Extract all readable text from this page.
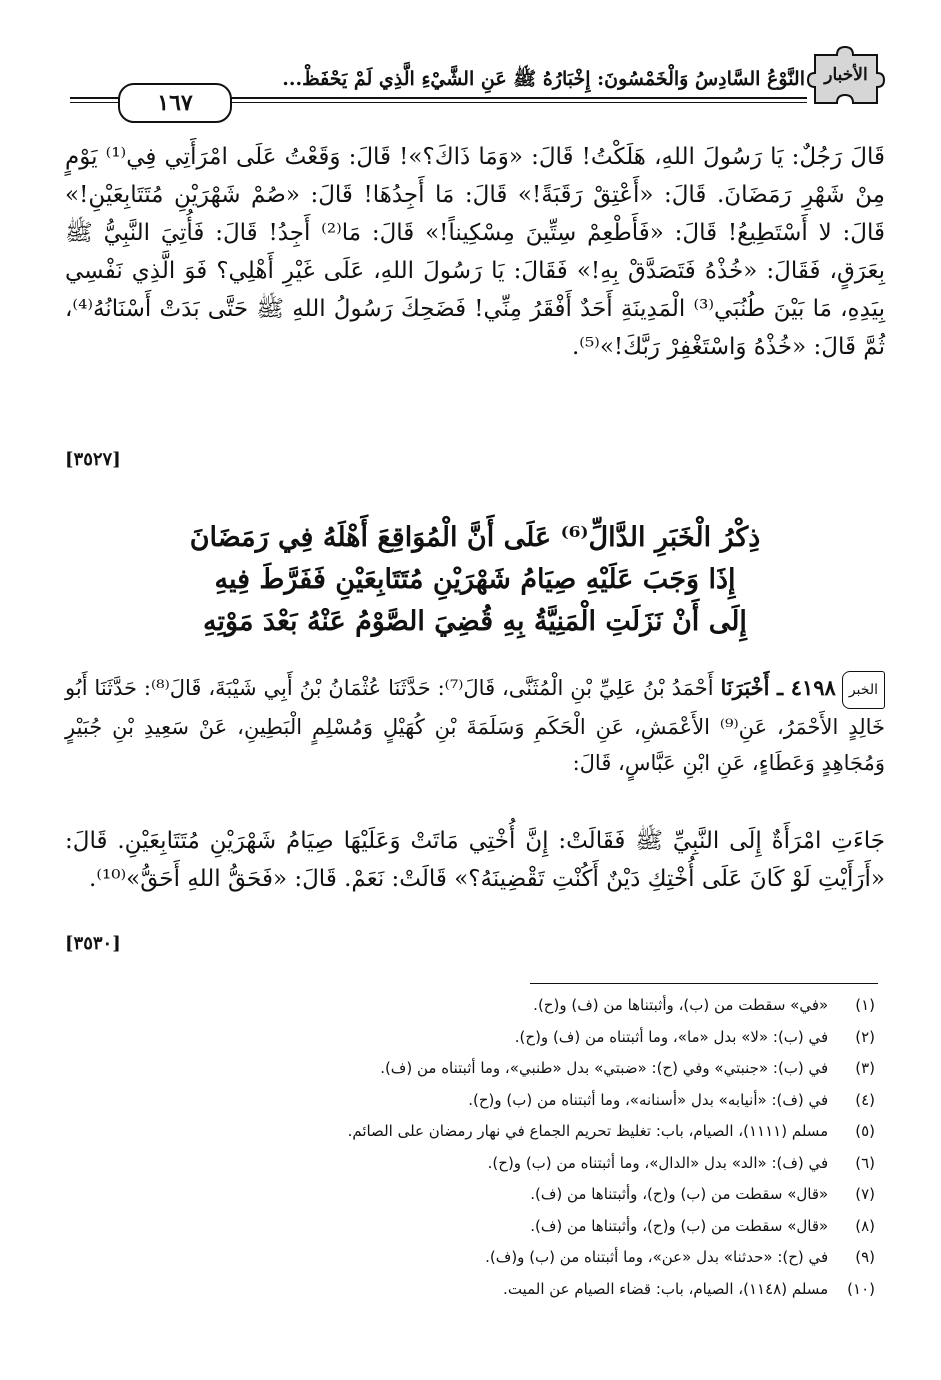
الأخبار
النَّوْعُ السَّادِسُ وَالْخَمْسُونَ: إِخْبَارُهُ ﷺ عَنِ الشَّيْءِ الَّذِي لَمْ يَحْفَظْ...
١٦٧
قَالَ رَجُلٌ: يَا رَسُولَ اللهِ، هَلَكْتُ! قَالَ: «وَمَا ذَاكَ؟»! قَالَ: وَقَعْتُ عَلَى امْرَأَتِي فِي⁽¹⁾ يَوْمٍ مِنْ شَهْرِ رَمَضَانَ. قَالَ: «أَعْتِقْ رَقَبَةً!» قَالَ: مَا أَجِدُهَا! قَالَ: «صُمْ شَهْرَيْنِ مُتَتَابِعَيْنِ!» قَالَ: لا أَسْتَطِيعُ! قَالَ: «فَأَطْعِمْ سِتِّينَ مِسْكِيناً!» قَالَ: مَا⁽²⁾ أَجِدُ! قَالَ: فَأُتِيَ النَّبِيُّ ﷺ بِعَرَقٍ، فَقَالَ: «خُذْهُ فَتَصَدَّقْ بِهِ!» فَقَالَ: يَا رَسُولَ اللهِ، عَلَى غَيْرِ أَهْلِي؟ فَوَ الَّذِي نَفْسِي بِيَدِهِ، مَا بَيْنَ طُنُبَي⁽³⁾ الْمَدِينَةِ أَحَدٌ أَفْقَرُ مِنِّي! فَضَحِكَ رَسُولُ اللهِ ﷺ حَتَّى بَدَتْ أَسْنَانُهُ⁽⁴⁾، ثُمَّ قَالَ: «خُذْهُ وَاسْتَغْفِرْ رَبَّكَ!»⁽⁵⁾.
[٣٥٢٧]
ذِكْرُ الْخَبَرِ الدَّالِّ⁽⁶⁾ عَلَى أَنَّ الْمُوَاقِعَ أَهْلَهُ فِي رَمَضَانَ
إِذَا وَجَبَ عَلَيْهِ صِيَامُ شَهْرَيْنِ مُتَتَابِعَيْنِ فَفَرَّطَ فِيهِ
إِلَى أَنْ نَزَلَتِ الْمَنِيَّةُ بِهِ قُضِيَ الصَّوْمُ عَنْهُ بَعْدَ مَوْتِهِ
الخبر٤١٩٨ ـ أَخْبَرَنَا أَحْمَدُ بْنُ عَلِيِّ بْنِ الْمُثَنَّى، قَالَ⁽⁷⁾: حَدَّثَنَا عُثْمَانُ بْنُ أَبِي شَيْبَةَ، قَالَ⁽⁸⁾: حَدَّثَنَا أَبُو خَالِدٍ الأَحْمَرُ، عَنِ⁽⁹⁾ الأَعْمَشِ، عَنِ الْحَكَمِ وَسَلَمَةَ بْنِ كُهَيْلٍ وَمُسْلِمٍ الْبَطِينِ، عَنْ سَعِيدِ بْنِ جُبَيْرٍ وَمُجَاهِدٍ وَعَطَاءٍ، عَنِ ابْنِ عَبَّاسٍ، قَالَ:
جَاءَتِ امْرَأَةٌ إِلَى النَّبِيِّ ﷺ فَقَالَتْ: إِنَّ أُخْتِي مَاتَتْ وَعَلَيْهَا صِيَامُ شَهْرَيْنِ مُتَتَابِعَيْنِ. قَالَ: «أَرَأَيْتِ لَوْ كَانَ عَلَى أُخْتِكِ دَيْنٌ أَكُنْتِ تَقْضِينَهُ؟» قَالَتْ: نَعَمْ. قَالَ: «فَحَقُّ اللهِ أَحَقُّ»⁽¹⁰⁾.
[٣٥٣٠]
(١) «في» سقطت من (ب)، وأثبتناها من (ف) و(ح).
(٢) في (ب): «لا» بدل «ما»، وما أثبتناه من (ف) و(ح).
(٣) في (ب): «جنبتي» وفي (ح): «ضبتي» بدل «طنبي»، وما أثبتناه من (ف).
(٤) في (ف): «أنيابه» بدل «أسنانه»، وما أثبتناه من (ب) و(ح).
(٥) مسلم (١١١١)، الصيام، باب: تغليظ تحريم الجماع في نهار رمضان على الصائم.
(٦) في (ف): «الد» بدل «الدال»، وما أثبتناه من (ب) و(ح).
(٧) «قال» سقطت من (ب) و(ح)، وأثبتناها من (ف).
(٨) «قال» سقطت من (ب) و(ح)، وأثبتناها من (ف).
(٩) في (ح): «حدثنا» بدل «عن»، وما أثبتناه من (ب) و(ف).
(١٠) مسلم (١١٤٨)، الصيام، باب: قضاء الصيام عن الميت.
